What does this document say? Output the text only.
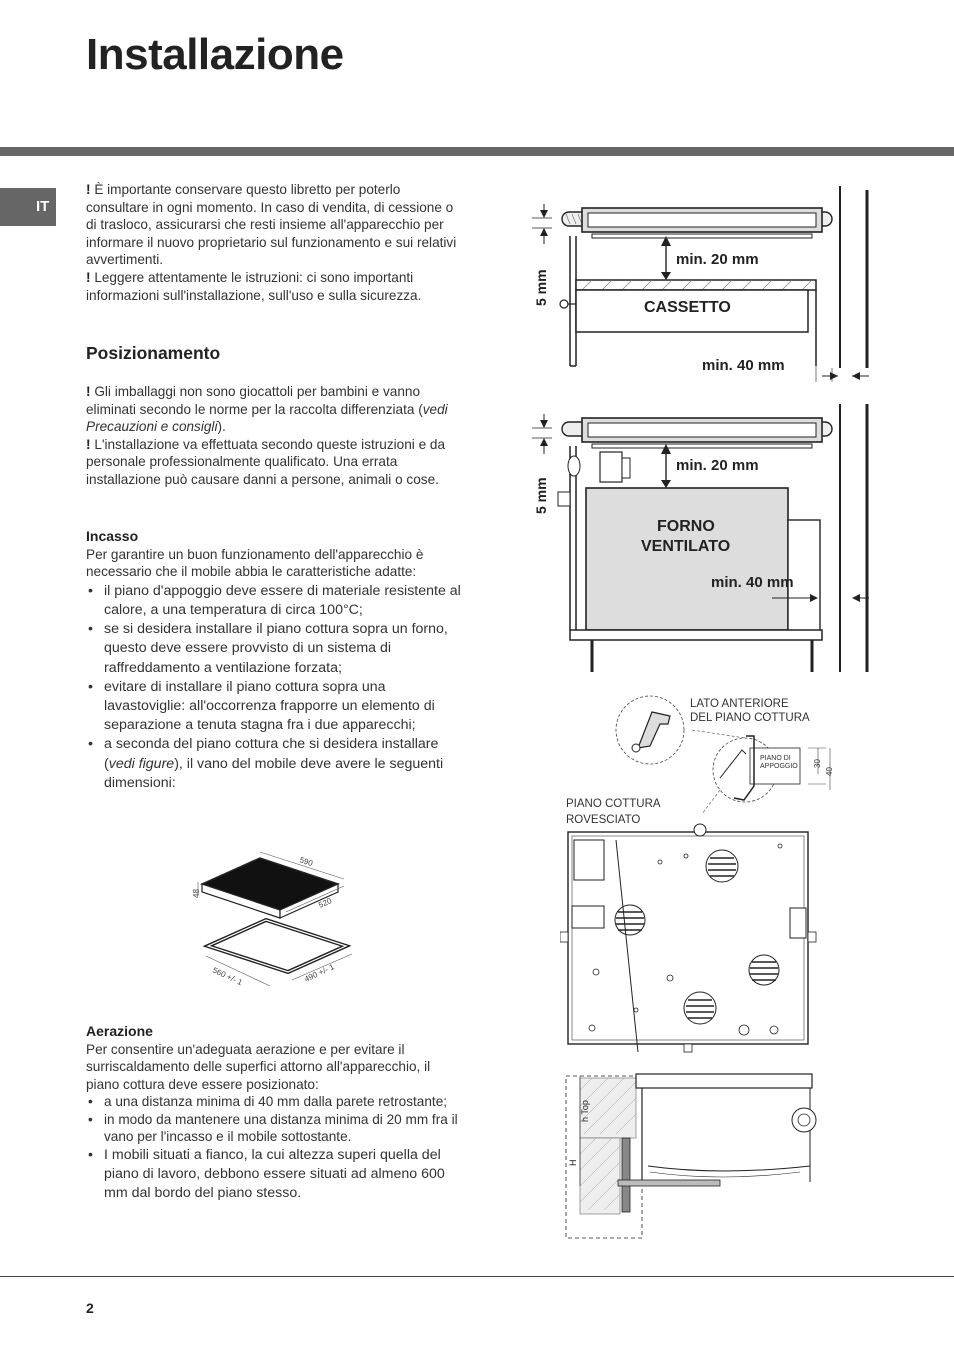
Installazione
IT

! È importante conservare questo libretto per poterlo consultare in ogni momento. In caso di vendita, di cessione o di trasloco, assicurarsi che resti insieme all'apparecchio per informare il nuovo proprietario sul funzionamento e sui relativi avvertimenti.

! Leggere attentamente le istruzioni: ci sono importanti informazioni sull'installazione, sull'uso e sulla sicurezza.

Posizionamento

! Gli imballaggi non sono giocattoli per bambini e vanno eliminati secondo le norme per la raccolta differenziata (vedi Precauzioni e consigli).

! L'installazione va effettuata secondo queste istruzioni e da personale professionalmente qualificato. Una errata installazione può causare danni a persone, animali o cose.

Incasso

Per garantire un buon funzionamento dell'apparecchio è necessario che il mobile abbia le caratteristiche adatte:

• il piano d'appoggio deve essere di materiale resistente al calore, a una temperatura di circa 100°C;
• se si desidera installare il piano cottura sopra un forno, questo deve essere provvisto di un sistema di raffreddamento a ventilazione forzata;
• evitare di installare il piano cottura sopra una lavastoviglie: all'occorrenza frapporre un elemento di separazione a tenuta stagna fra i due apparecchi;
• a seconda del piano cottura che si desidera installare (vedi figure), il vano del mobile deve avere le seguenti dimensioni:
590
520
48
560 +/- 1	490 +/- 1

Aerazione

Per consentire un'adeguata aerazione e per evitare il surriscaldamento delle superfici attorno all'apparecchio, il piano cottura deve essere posizionato:

• a una distanza minima di 40 mm dalla parete retrostante;
• in modo da mantenere una distanza minima di 20 mm fra il vano per l'incasso e il mobile sottostante.
• I mobili situati a fianco, la cui altezza superi quella del piano di lavoro, debbono essere situati ad almeno 600 mm dal bordo del piano stesso.
min. 20 mm
CASSETTO
min. 40 mm
5 mm
min. 20 mm
FORNO
VENTILATO
min. 40 mm
5 mm
LATO ANTERIORE
DEL PIANO COTTURA
PIANO DI
APPOGGIO 30
40
PIANO COTTURA
ROVESCIATO
h Top
H
2
